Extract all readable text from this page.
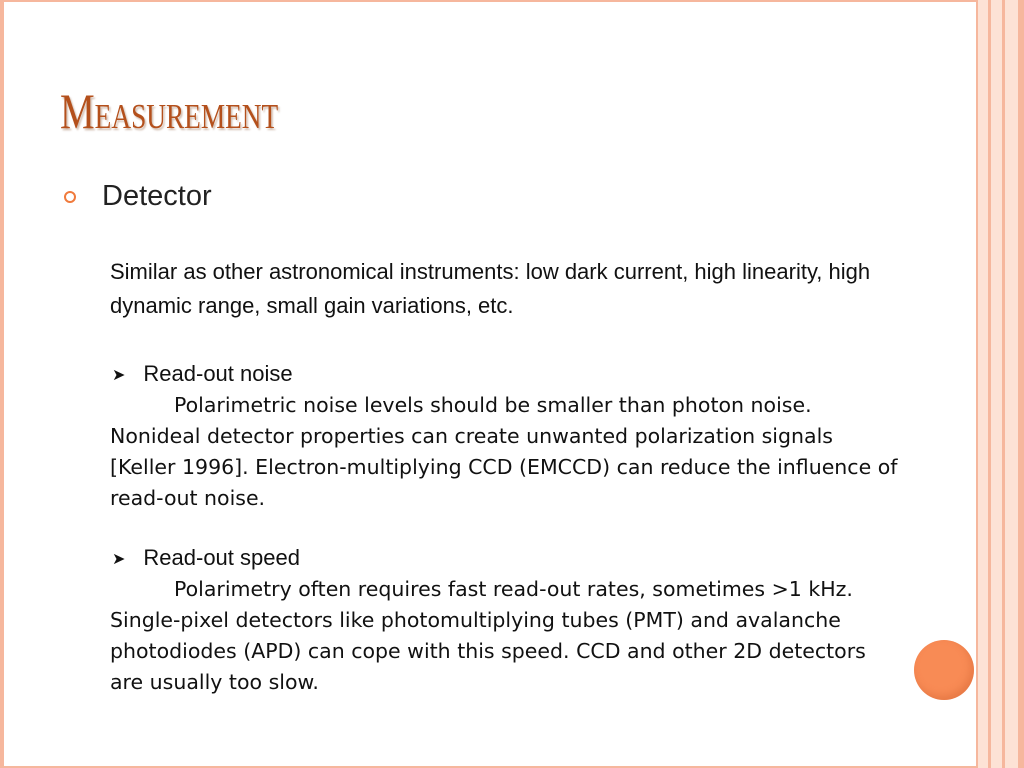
Measurement
Detector

Similar as other astronomical instruments: low dark current, high linearity, high dynamic range, small gain variations, etc.

➤ Read-out noise

Polarimetric noise levels should be smaller than photon noise. Nonideal detector properties can create unwanted polarization signals [Keller 1996]. Electron-multiplying CCD (EMCCD) can reduce the influence of read-out noise.

➤ Read-out speed

Polarimetry often requires fast read-out rates, sometimes >1 kHz. Single-pixel detectors like photomultiplying tubes (PMT) and avalanche photodiodes (APD) can cope with this speed. CCD and other 2D detectors are usually too slow.
